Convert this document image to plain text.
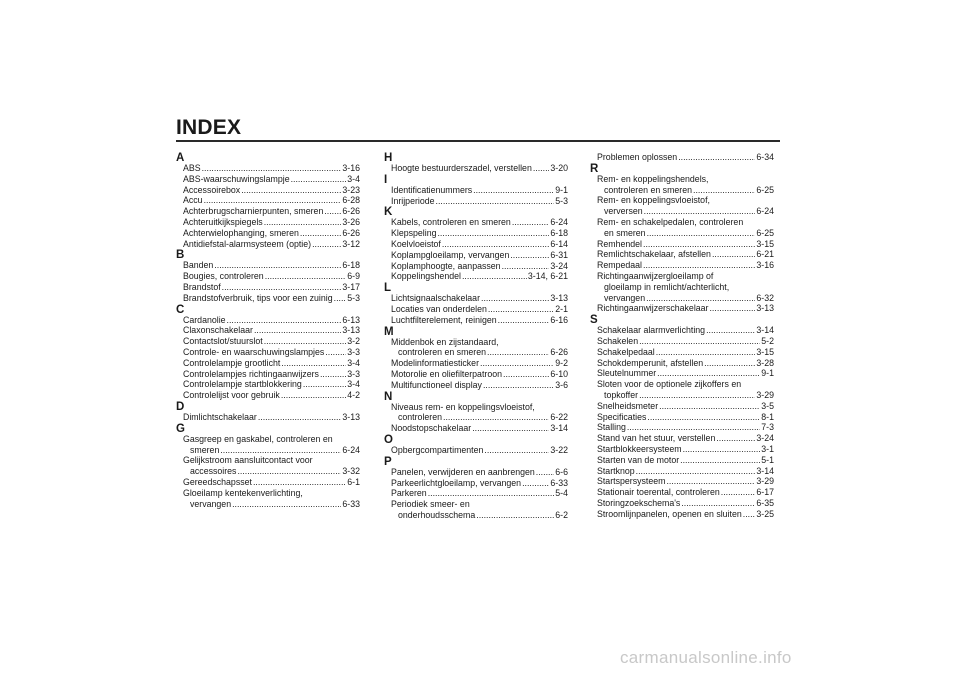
INDEX
A
ABS .....	3-16
ABS-waarschuwingslampje .....	3-4
Accessoirebox .....	3-23
Accu .....	6-28
Achterbrugscharnierpunten, smeren ..... 6-26
Achteruitkijkspiegels .....	3-26
Achterwielophanging, smeren .....	6-26
Antidiefstal-alarmsysteem (optie) .....	3-12
B
Banden .....	6-18
Bougies, controleren .....	6-9
Brandstof .....	3-17
Brandstofverbruik, tips voor een zuinig ..... 5-3
C
Cardanolie .....	6-13
Claxonschakelaar .....	3-13
Contactslot/stuurslot .....	3-2
Controle- en waarschuwingslampjes .....	3-3
Controlelampje grootlicht .....	3-4
Controlelampjes richtingaanwijzers .....	3-3
Controlelampje startblokkering .....	3-4
Controlelijst voor gebruik .....	4-2
D
Dimlichtschakelaar .....	3-13
G
Gasgreep en gaskabel, controleren en
smeren .....	6-24
Gelijkstroom aansluitcontact voor
accessoires .....	3-32
Gereedschapsset .....	6-1
Gloeilamp kentekenverlichting,
vervangen .....	6-33
H
Hoogte bestuurderszadel, verstellen ..... 3-20
I
Identificatienummers .....	9-1
Inrijperiode .....	5-3
K
Kabels, controleren en smeren .....	6-24
Klepspeling .....	6-18
Koelvloeistof .....	6-14
Koplampgloeilamp, vervangen .....	6-31
Koplamphoogte, aanpassen .....	3-24
Koppelingshendel .....	3-14, 6-21
L
Lichtsignaalschakelaar .....	3-13
Locaties van onderdelen .....	2-1
Luchtfilterelement, reinigen .....	6-16
M
Middenbok en zijstandaard,
controleren en smeren .....	6-26
Modelinformatiesticker .....	9-2
Motorolie en oliefilterpatroon .....	6-10
Multifunctioneel display .....	3-6
N
Niveaus rem- en koppelingsvloeistof,
controleren .....	6-22
Noodstopschakelaar .....	3-14
O
Opbergcompartimenten .....	3-22
P
Panelen, verwijderen en aanbrengen ..... 6-6
Parkeerlichtgloeilamp, vervangen .....	6-33
Parkeren .....	5-4
Periodiek smeer- en
onderhoudsschema .....	6-2
Problemen oplossen .....	6-34
R
Rem- en koppelingshendels,
controleren en smeren .....	6-25
Rem- en koppelingsvloeistof,
verversen .....	6-24
Rem- en schakelpedalen, controleren
en smeren .....	6-25
Remhendel .....	3-15
Remlichtschakelaar, afstellen .....	6-21
Rempedaal .....	3-16
Richtingaanwijzergloeilamp of
gloeilamp in remlicht/achterlicht,
vervangen .....	6-32
Richtingaanwijzerschakelaar .....	3-13
S
Schakelaar alarmverlichting .....	3-14
Schakelen .....	5-2
Schakelpedaal .....	3-15
Schokdemperunit, afstellen .....	3-28
Sleutelnummer .....	9-1
Sloten voor de optionele zijkoffers en
topkoffer .....	3-29
Snelheidsmeter .....	3-5
Specificaties .....	8-1
Stalling .....	7-3
Stand van het stuur, verstellen .....	3-24
Startblokkeersysteem .....	3-1
Starten van de motor .....	5-1
Startknop .....	3-14
Startspersysteem .....	3-29
Stationair toerental, controleren .....	6-17
Storingzoekschema's .....	6-35
Stroomlijnpanelen, openen en sluiten ..... 3-25
carmanualsonline.info
